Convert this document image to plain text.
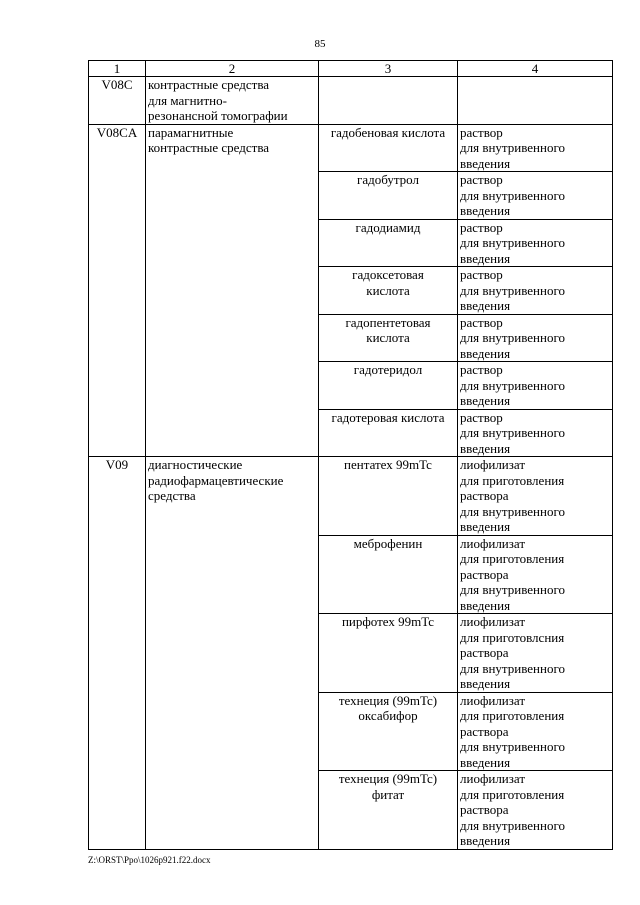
85
1	2	3	4
V08C	контрастные средства
для магнитно-
резонансной томографии		

V08CA	парамагнитные
контрастные средства	гадобеновая кислота	раствор
для внутривенного
введения

		гадобутрол	раствор
для внутривенного
введения

		гадодиамид	раствор
для внутривенного
введения

		гадоксетовая
кислота	раствор
для внутривенного
введения

		гадопентетовая
кислота	раствор
для внутривенного
введения

		гадотеридол	раствор
для внутривенного
введения

		гадотеровая кислота	раствор
для внутривенного
введения

V09	диагностические
радиофармацевтические
средства	пентатех 99mTc	лиофилизат
для приготовления
раствора
для внутривенного
введения

		меброфенин	лиофилизат
для приготовления
раствора
для внутривенного
введения

		пирфотех 99mTc	лиофилизат
для приготовлсния
раствора
для внутривенного
введения

		технеция (99mTc)
оксабифор	лиофилизат
для приготовления
раствора
для внутривенного
введения

		технеция (99mTc)
фитат	лиофилизат
для приготовления
раствора
для внутривенного
введения
Z:\ORST\Ppo\1026p921.f22.docx
